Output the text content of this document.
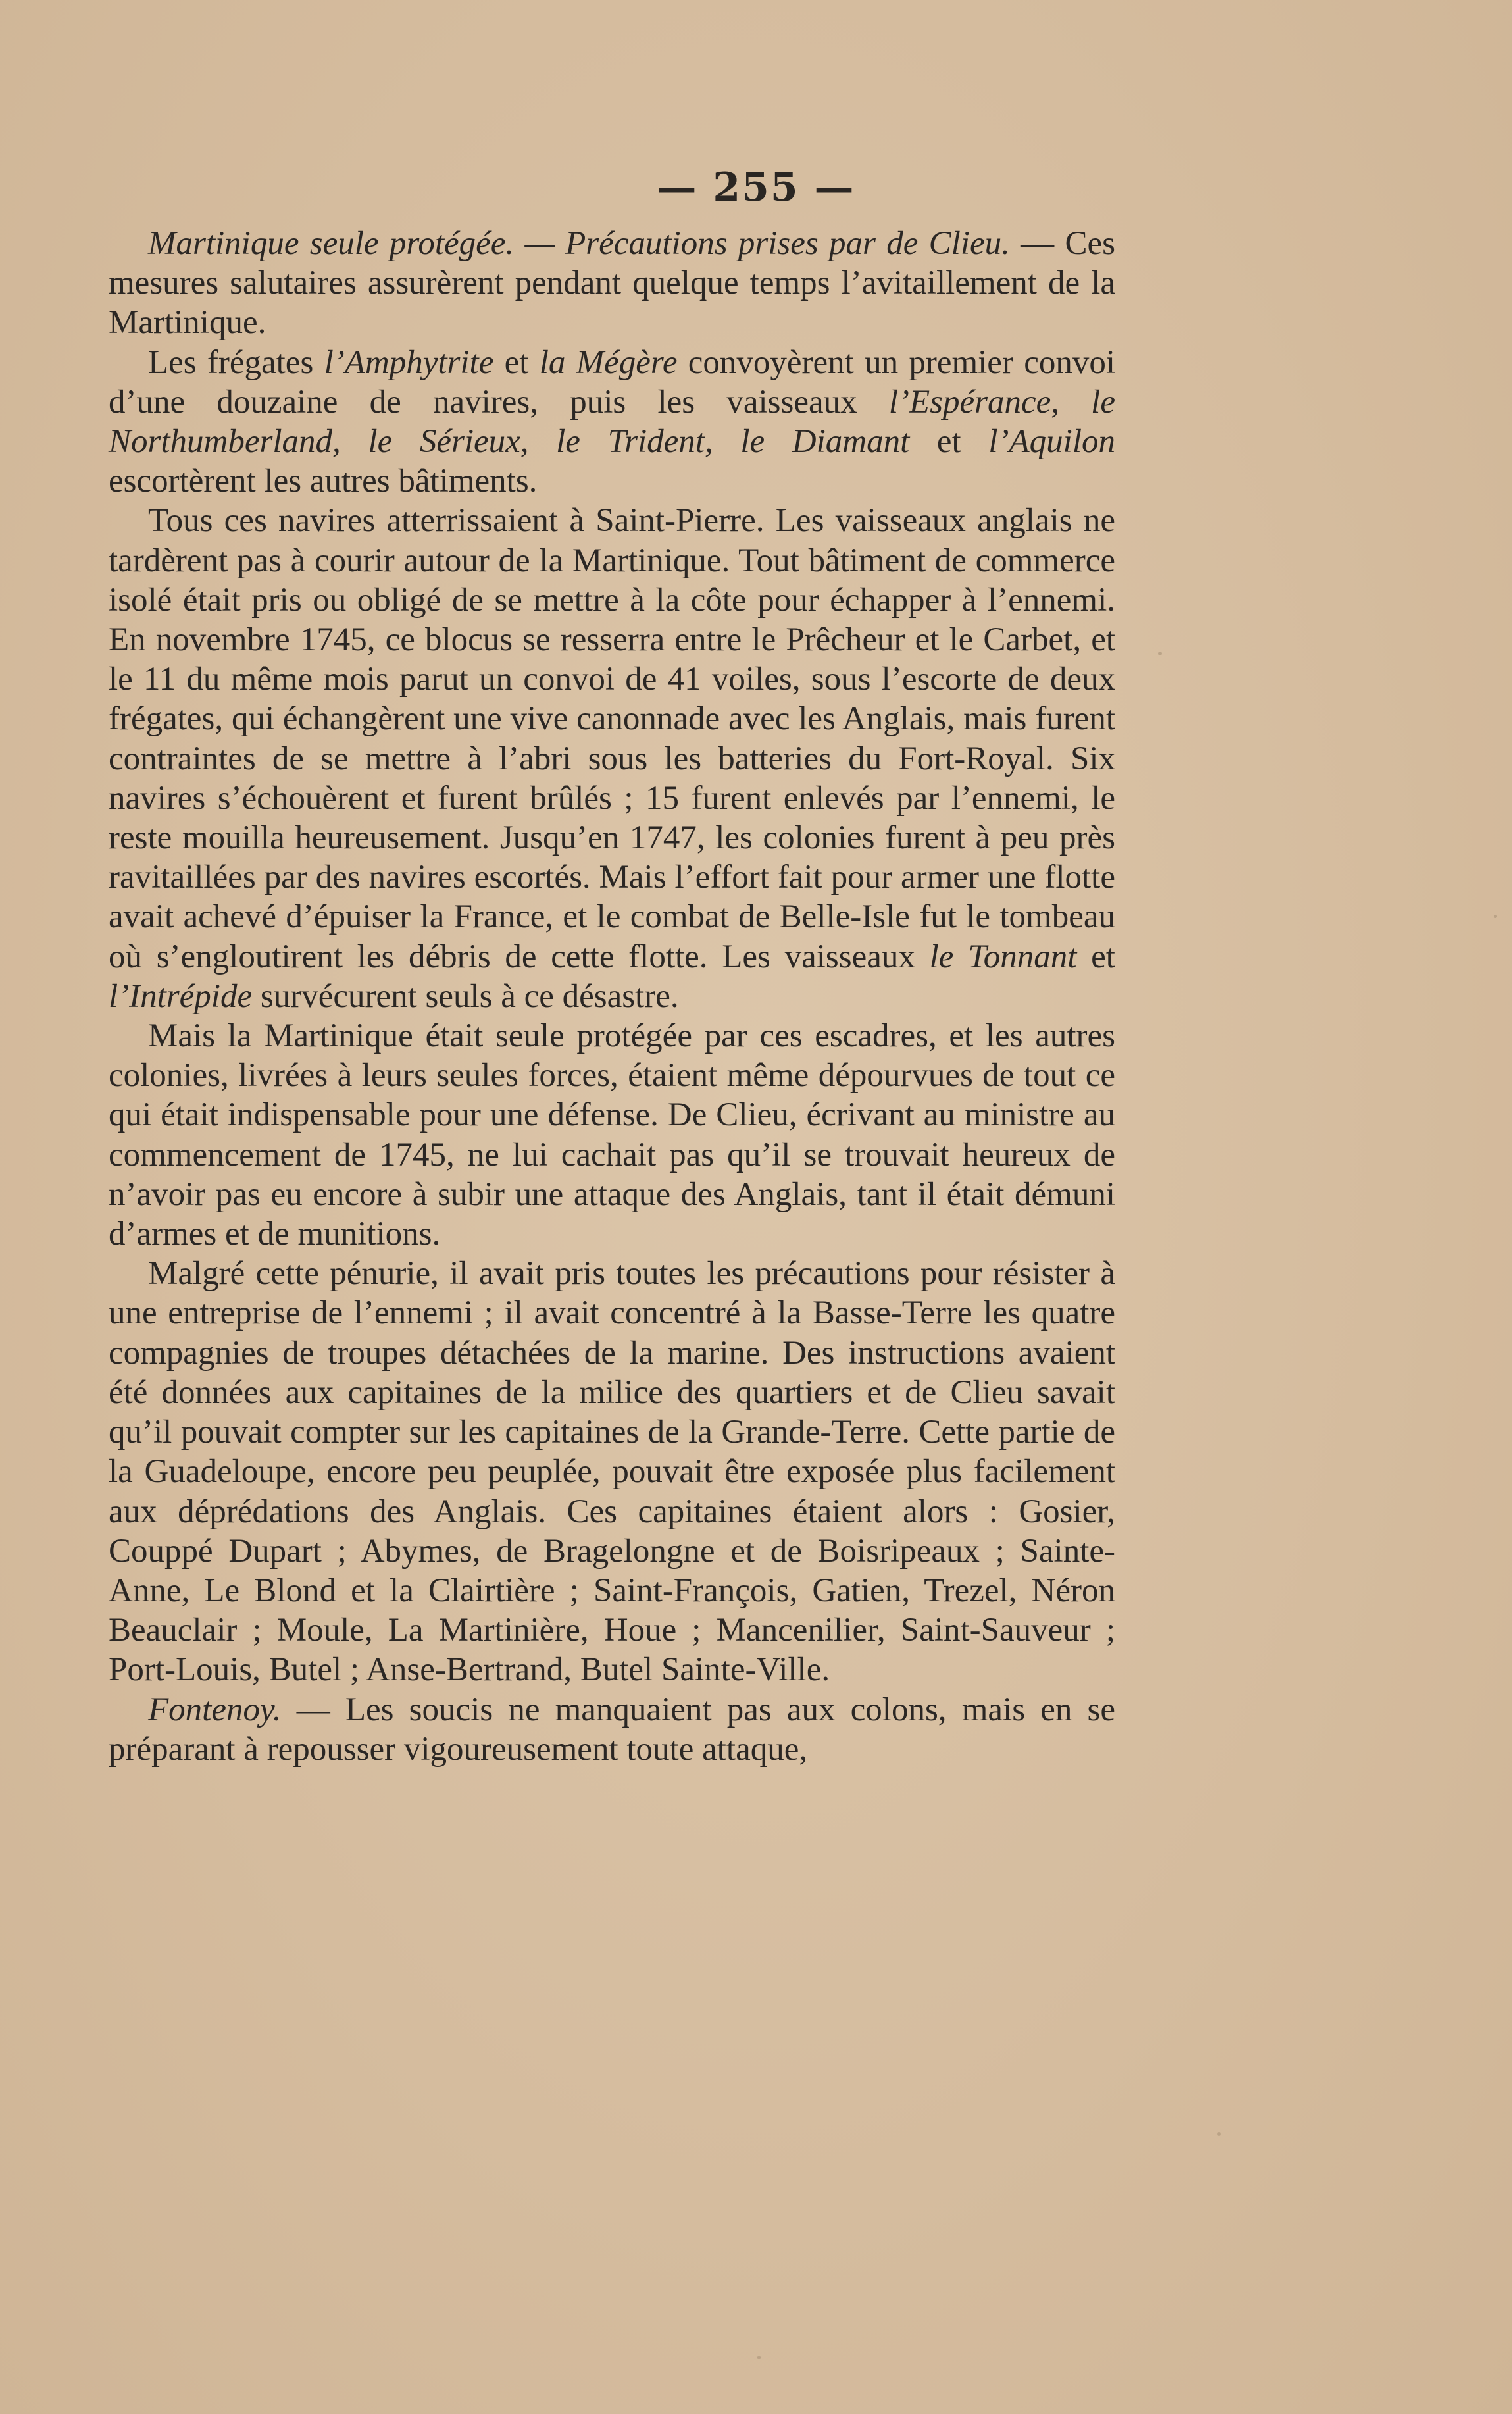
— 255 —

Martinique seule protégée. — Précautions prises par de Clieu. — Ces mesures salutaires assurèrent pendant quelque temps l’avitaillement de la Martinique.

Les frégates l’Amphytrite et la Mégère convoyèrent un premier convoi d’une douzaine de navires, puis les vaisseaux l’Espérance, le Northumberland, le Sérieux, le Trident, le Diamant et l’Aquilon escortèrent les autres bâtiments.

Tous ces navires atterrissaient à Saint-Pierre. Les vaisseaux anglais ne tardèrent pas à courir autour de la Martinique. Tout bâtiment de commerce isolé était pris ou obligé de se mettre à la côte pour échapper à l’ennemi. En novembre 1745, ce blocus se resserra entre le Prêcheur et le Carbet, et le 11 du même mois parut un convoi de 41 voiles, sous l’escorte de deux frégates, qui échangèrent une vive canonnade avec les Anglais, mais furent contraintes de se mettre à l’abri sous les batteries du Fort-Royal. Six navires s’échouèrent et furent brûlés ; 15 furent enlevés par l’ennemi, le reste mouilla heureusement. Jusqu’en 1747, les colonies furent à peu près ravitaillées par des navires escortés. Mais l’effort fait pour armer une flotte avait achevé d’épuiser la France, et le combat de Belle-Isle fut le tombeau où s’engloutirent les débris de cette flotte. Les vaisseaux le Tonnant et l’Intrépide survécurent seuls à ce désastre.

Mais la Martinique était seule protégée par ces escadres, et les autres colonies, livrées à leurs seules forces, étaient même dépourvues de tout ce qui était indispensable pour une défense. De Clieu, écrivant au ministre au commencement de 1745, ne lui cachait pas qu’il se trouvait heureux de n’avoir pas eu encore à subir une attaque des Anglais, tant il était démuni d’armes et de munitions.

Malgré cette pénurie, il avait pris toutes les précautions pour résister à une entreprise de l’ennemi ; il avait concentré à la Basse-Terre les quatre compagnies de troupes détachées de la marine. Des instructions avaient été données aux capitaines de la milice des quartiers et de Clieu savait qu’il pouvait compter sur les capitaines de la Grande-Terre. Cette partie de la Guadeloupe, encore peu peuplée, pouvait être exposée plus facilement aux déprédations des Anglais. Ces capitaines étaient alors : Gosier, Couppé Dupart ; Abymes, de Bragelongne et de Boisripeaux ; Sainte-Anne, Le Blond et la Clairtière ; Saint-François, Gatien, Trezel, Néron Beauclair ; Moule, La Martinière, Houe ; Mancenilier, Saint-Sauveur ; Port-Louis, Butel ; Anse-Bertrand, Butel Sainte-Ville.

Fontenoy. — Les soucis ne manquaient pas aux colons, mais en se préparant à repousser vigoureusement toute attaque,
